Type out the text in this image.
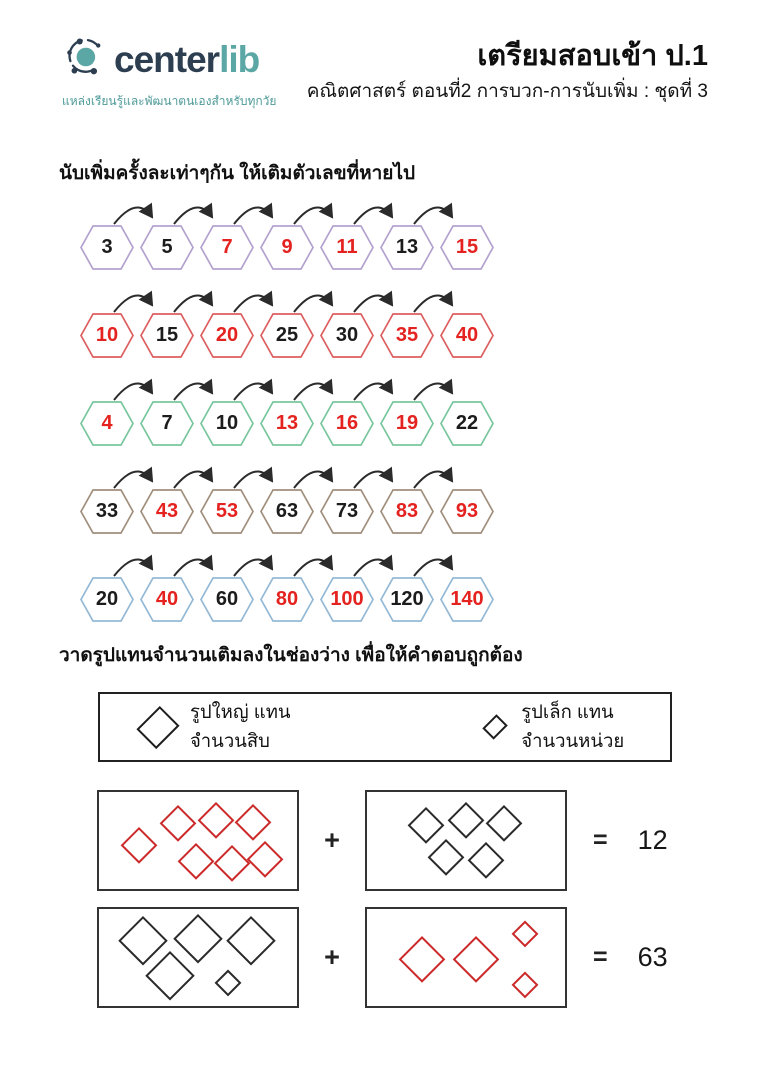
centerlib
แหล่งเรียนรู้และพัฒนาตนเองสำหรับทุกวัย
เตรียมสอบเข้า ป.1
คณิตศาสตร์ ตอนที่2 การบวก-การนับเพิ่ม : ชุดที่ 3
นับเพิ่มครั้งละเท่าๆกัน ให้เติมตัวเลขที่หายไป
3	5	7	9	11	13	15
10	15	20	25	30	35	40
4	7	10	13	16	19	22
33	43	53	63	73	83	93
20	40	60	80	100	120	140
วาดรูปแทนจำนวนเติมลงในช่องว่าง เพื่อให้คำตอบถูกต้อง
รูปใหญ่ แทนจำนวนสิบ
รูปเล็ก แทนจำนวนหน่วย
+	= 12
+	= 63
